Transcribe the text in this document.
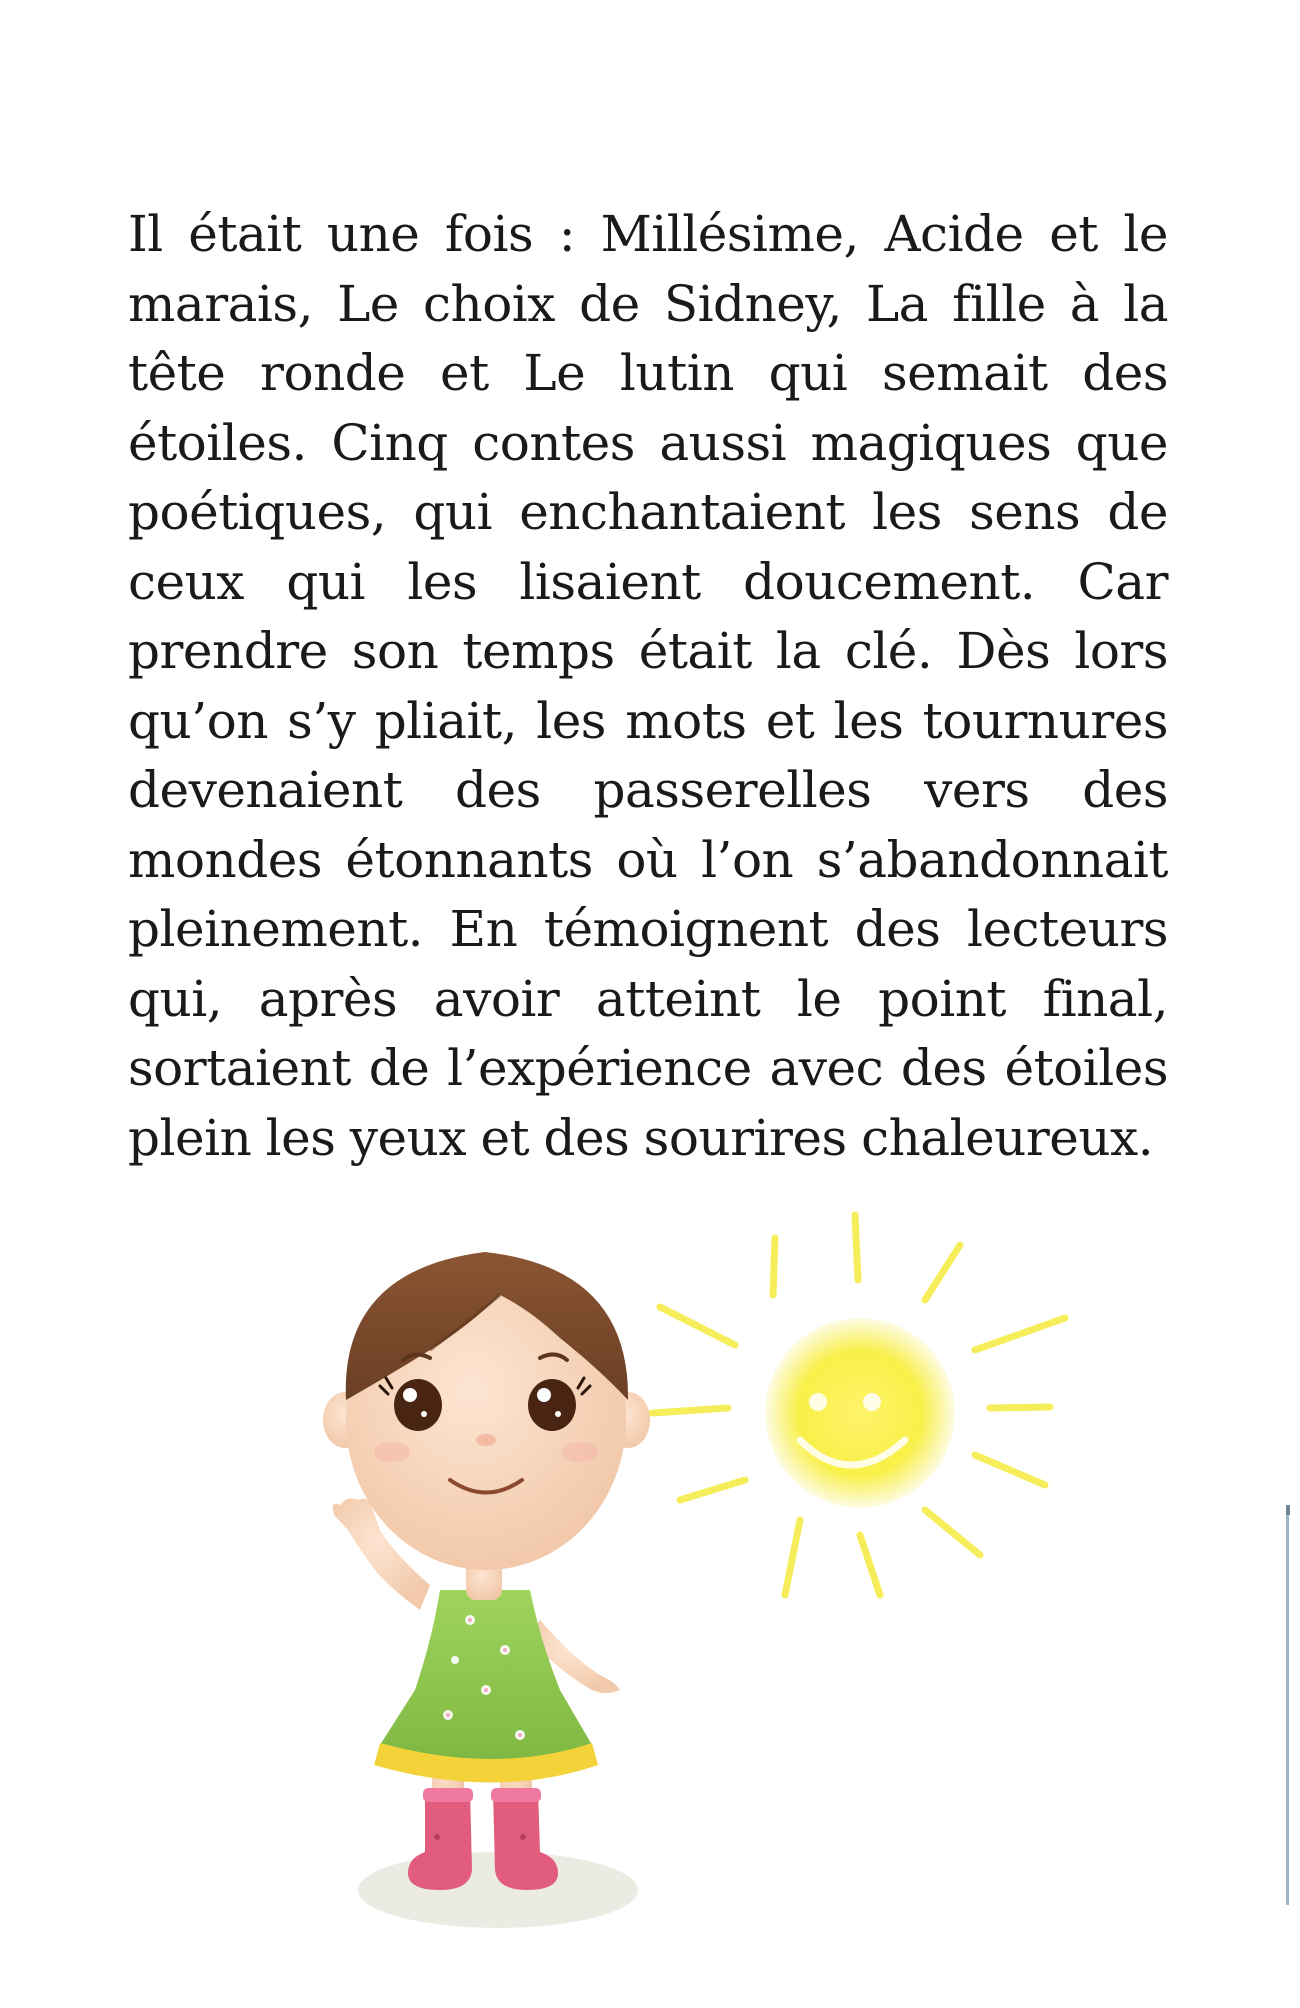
Il était une fois : Millésime, Acide et le marais, Le choix de Sidney, La fille à la tête ronde et Le lutin qui semait des étoiles. Cinq contes aussi magiques que poétiques, qui enchantaient les sens de ceux qui les lisaient doucement. Car prendre son temps était la clé. Dès lors qu’on s’y pliait, les mots et les tournures devenaient des passerelles vers des mondes étonnants où l’on s’abandonnait pleinement. En témoignent des lecteurs qui, après avoir atteint le point final, sortaient de l’expérience avec des étoiles plein les yeux et des sourires chaleureux.
